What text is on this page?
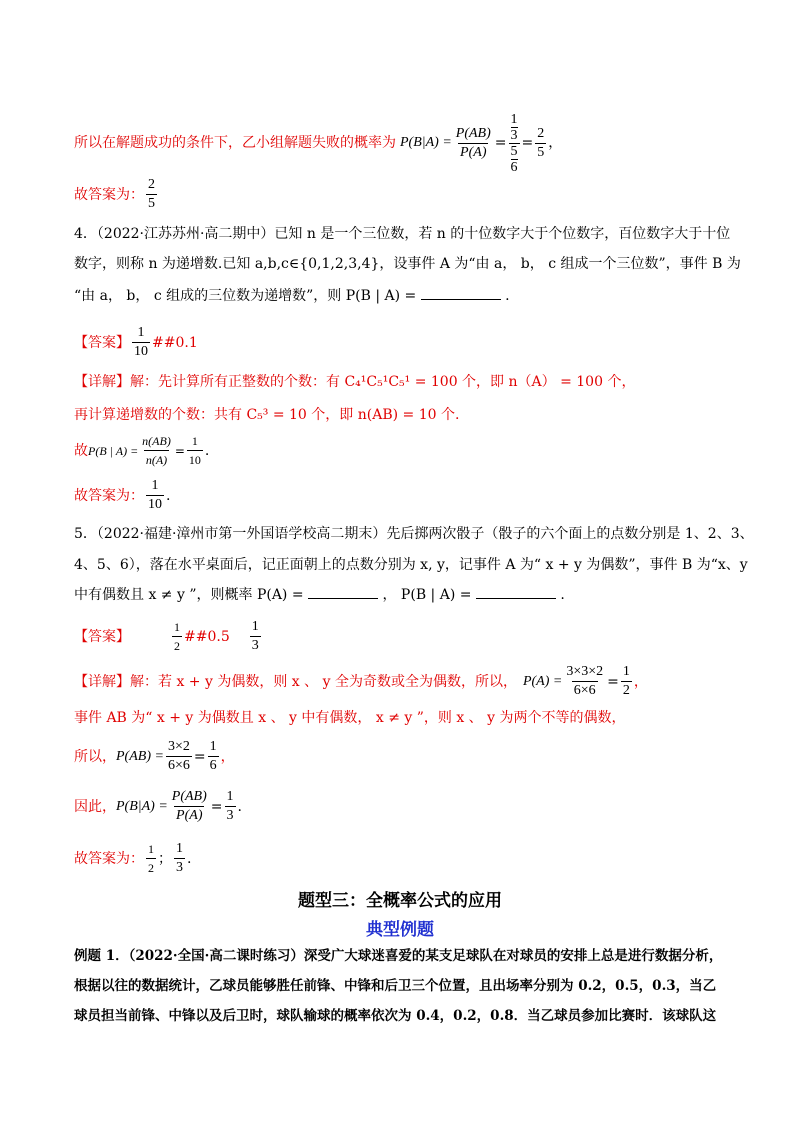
所以在解题成功的条件下，乙小组解题失败的概率为 $P(B|A) = \frac{P(AB)}{P(A)} = 1$
3
5
$6 = \frac{2}{5}$ ，
故答案为： $\frac{2}{5}$
4．（2022·江苏苏州·高二期中）已知 n 是一个三位数，若 n 的十位数字大于个位数字，百位数字大于十位
数字，则称 n 为递增数.已知 a,b,c∈{0,1,2,3,4}，设事件 A 为“由 a， b， c 组成一个三位数”，事件 B 为
“由 a， b， c 组成的三位数为递增数”，则 P(B | A) =	.
【答案】 $\frac{1}{10}$ ##0.1
【详解】解：先计算所有正整数的个数：有 C₄¹C₅¹C₅¹ = 100 个，即 n（A） = 100 个，
再计算递增数的个数：共有 C₅³ = 10 个，即 n(AB) = 10 个.
故 P(B | $A) = \frac{n(AB)}{n(A)} = \frac{1}{10}$ .
故答案为： $\frac{1}{10}$ .
5．（2022·福建·漳州市第一外国语学校高二期末）先后掷两次骰子（骰子的六个面上的点数分别是 1、2、3、
4、5、6），落在水平桌面后，记正面朝上的点数分别为 x, y，记事件 A 为“ x + y 为偶数”，事件 B 为“x、y
中有偶数且 x ≠ y ”，则概率 P(A) =	， P(B | A) =	.
【答案】	$\frac{1}{2}$ ##0.5 $\frac{1}{3}$
【详解】解：若 x + y 为偶数，则 x 、 y 全为奇数或全为偶数，所以， $P(A) = \frac{3\times 3\times 2}{6\times 6} = \frac{1}{2}$ ，
事件 AB 为“ x + y 为偶数且 x 、 y 中有偶数， x ≠ y ”，则 x 、 y 为两个不等的偶数，
所以， $P(AB) = \frac{3\times 2}{6\times 6} = \frac{1}{6}$ ，
因此， $P(B|A) = \frac{P(AB)}{P(A)} = \frac{1}{3}$ .
故答案为： $\frac{1}{2}$ ； $\frac{1}{3}$ .
题型三：全概率公式的应用
典型例题
例题 1．（2022·全国·高二课时练习）深受广大球迷喜爱的某支足球队在对球员的安排上总是进行数据分析，
根据以往的数据统计，乙球员能够胜任前锋、中锋和后卫三个位置，且出场率分别为 0.2，0.5，0.3，当乙
球员担当前锋、中锋以及后卫时，球队输球的概率依次为 0.4，0.2，0.8．当乙球员参加比赛时．该球队这
